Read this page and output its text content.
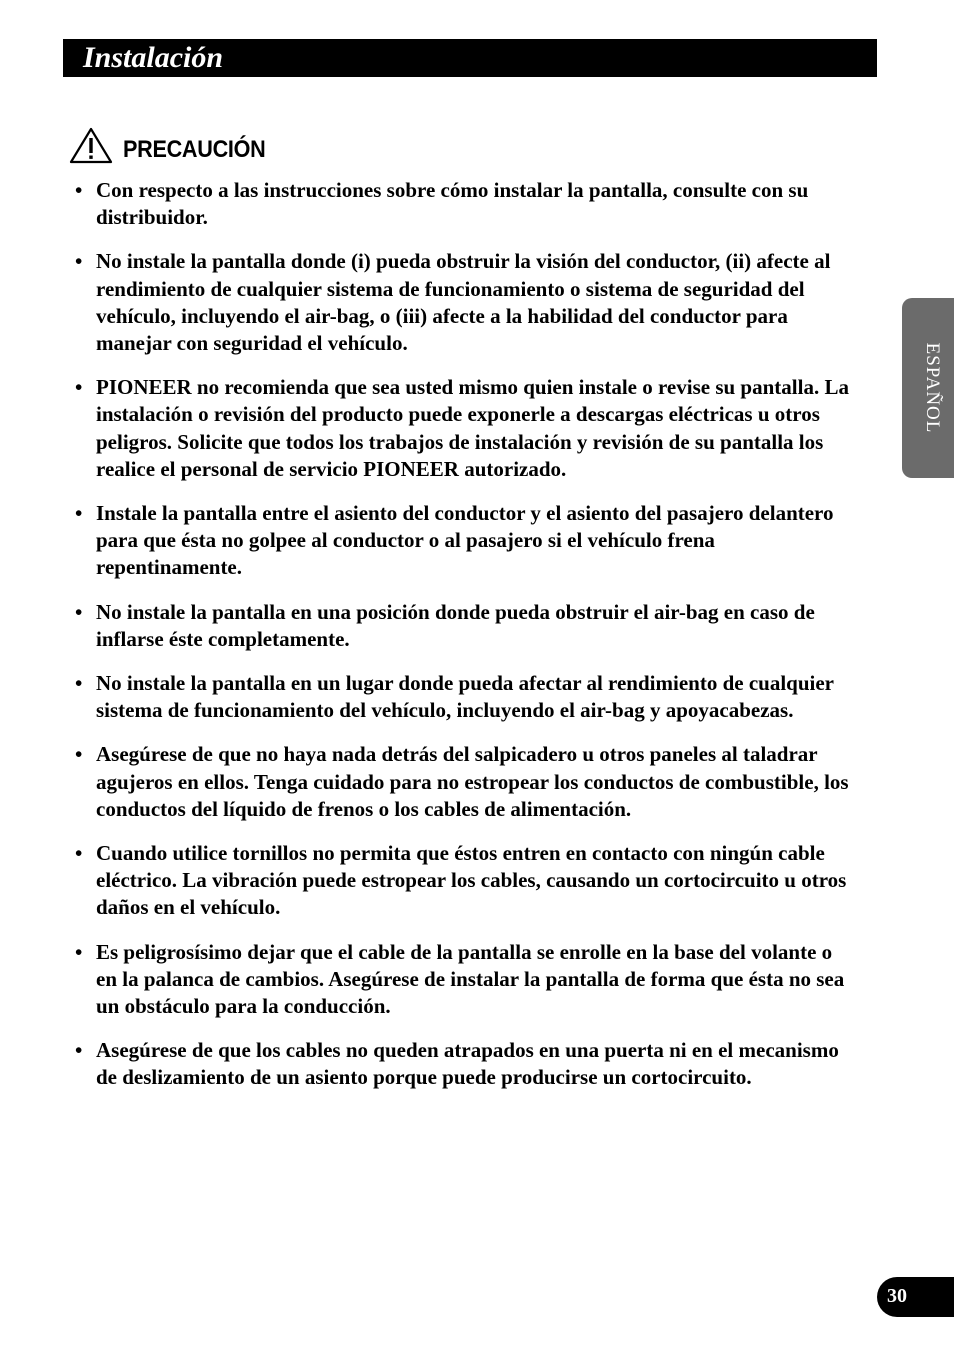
Instalación
PRECAUCIÓN
• Con respecto a las instrucciones sobre cómo instalar la pantalla, consulte con su distribuidor.
• No instale la pantalla donde (i) pueda obstruir la visión del conductor, (ii) afecte al rendimiento de cualquier sistema de funcionamiento o sistema de seguridad del vehículo, incluyendo el air-bag, o (iii) afecte a la habilidad del conductor para manejar con seguridad el vehículo.
• PIONEER no recomienda que sea usted mismo quien instale o revise su pantalla. La instalación o revisión del producto puede exponerle a descargas eléctricas u otros peligros. Solicite que todos los trabajos de instalación y revisión de su pantalla los realice el personal de servicio PIONEER autorizado.
• Instale la pantalla entre el asiento del conductor y el asiento del pasajero delantero para que ésta no golpee al conductor o al pasajero si el vehículo frena repentinamente.
• No instale la pantalla en una posición donde pueda obstruir el air-bag en caso de inflarse éste completamente.
• No instale la pantalla en un lugar donde pueda afectar al rendimiento de cualquier sistema de funcionamiento del vehículo, incluyendo el air-bag y apoyacabezas.
• Asegúrese de que no haya nada detrás del salpicadero u otros paneles al taladrar agujeros en ellos. Tenga cuidado para no estropear los conductos de combustible, los conductos del líquido de frenos o los cables de alimentación.
• Cuando utilice tornillos no permita que éstos entren en contacto con ningún cable eléctrico. La vibración puede estropear los cables, causando un cortocircuito u otros daños en el vehículo.
• Es peligrosísimo dejar que el cable de la pantalla se enrolle en la base del volante o en la palanca de cambios. Asegúrese de instalar la pantalla de forma que ésta no sea un obstáculo para la conducción.
• Asegúrese de que los cables no queden atrapados en una puerta ni en el mecanismo de deslizamiento de un asiento porque puede producirse un cortocircuito.
ESPAÑOL
30
